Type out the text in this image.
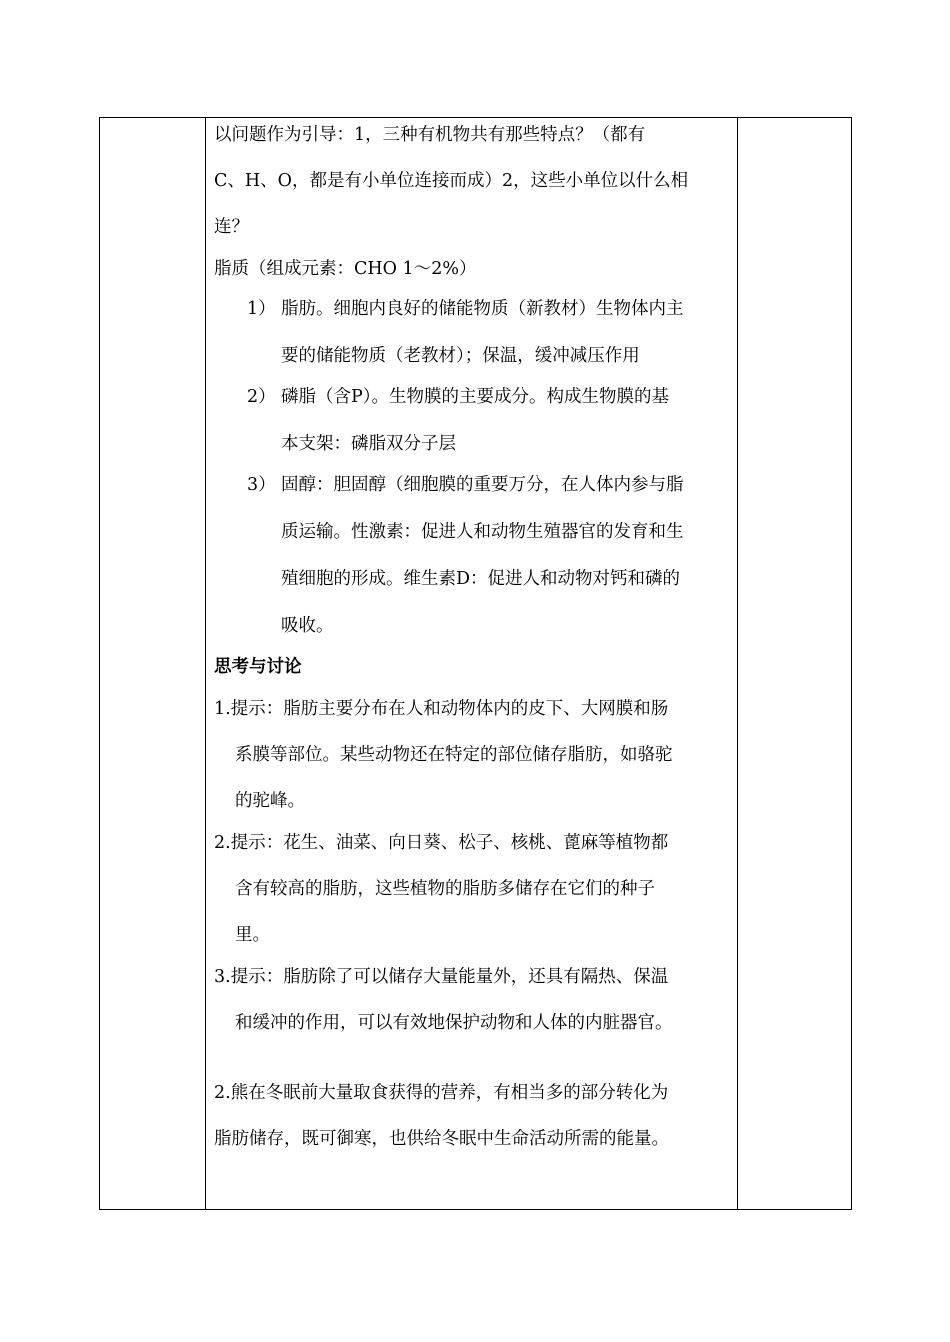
以问题作为引导：1，三种有机物共有那些特点？（都有
C、H、O，都是有小单位连接而成）2，这些小单位以什么相
连？
脂质（组成元素：CHO 1～2%）
1） 脂肪。细胞内良好的储能物质（新教材）生物体内主
要的储能物质（老教材）；保温，缓冲减压作用
2） 磷脂（含P）。生物膜的主要成分。构成生物膜的基
本支架：磷脂双分子层
3） 固醇：胆固醇（细胞膜的重要万分，在人体内参与脂
质运输。性激素：促进人和动物生殖器官的发育和生
殖细胞的形成。维生素D：促进人和动物对钙和磷的
吸收。
思考与讨论
1.提示：脂肪主要分布在人和动物体内的皮下、大网膜和肠
系膜等部位。某些动物还在特定的部位储存脂肪，如骆驼
的驼峰。
2.提示：花生、油菜、向日葵、松子、核桃、蓖麻等植物都
含有较高的脂肪，这些植物的脂肪多储存在它们的种子
里。
3.提示：脂肪除了可以储存大量能量外，还具有隔热、保温
和缓冲的作用，可以有效地保护动物和人体的内脏器官。
2.熊在冬眠前大量取食获得的营养，有相当多的部分转化为
脂肪储存，既可御寒，也供给冬眠中生命活动所需的能量。
